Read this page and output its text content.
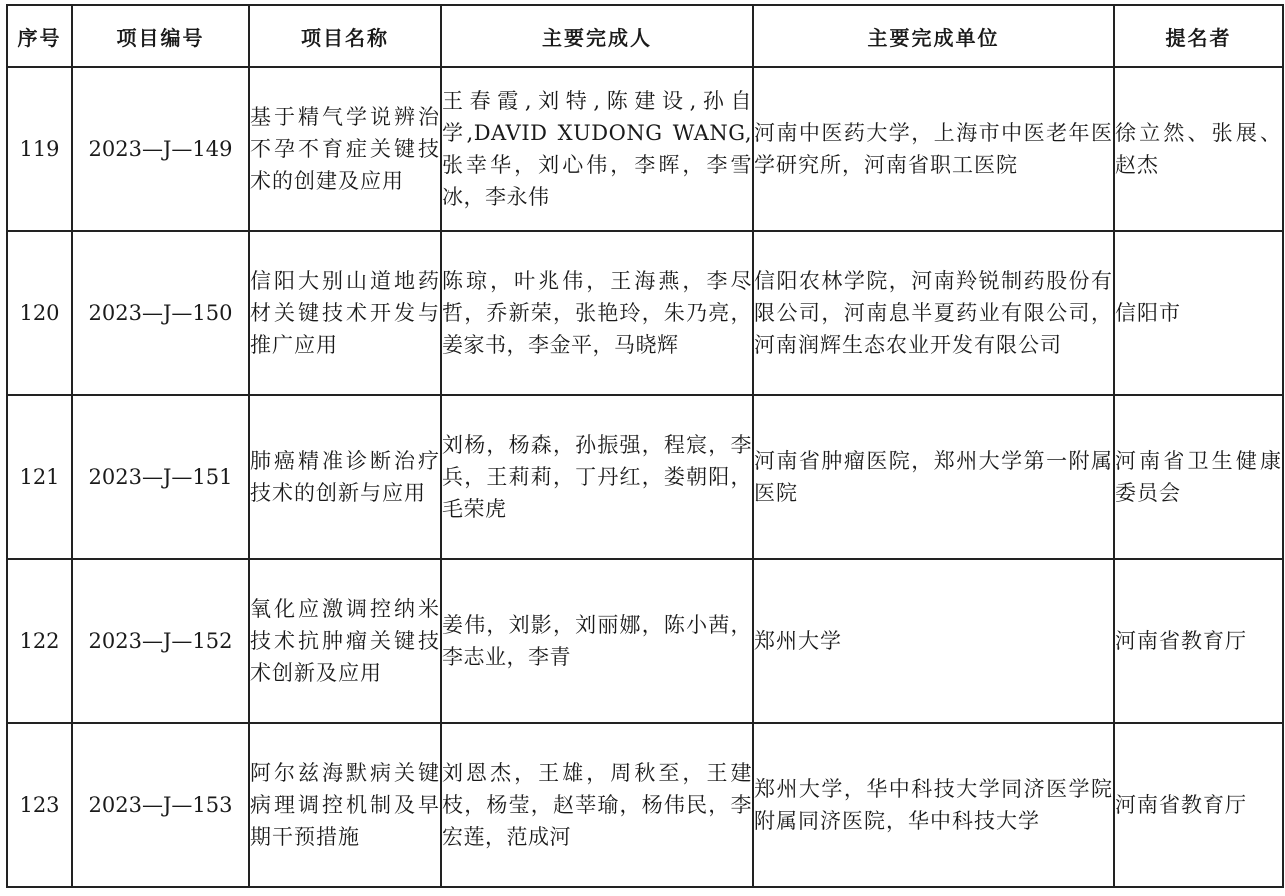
序号	项目编号	项目名称	主要完成人	主要完成单位	提名者
119	2023—J—149	基于精气学说辨治不孕不育症关键技术的创建及应用	王春霞,刘特,陈建设,孙自学,DAVID XUDONG WANG,张幸华，刘心伟，李晖，李雪冰，李永伟	河南中医药大学，上海市中医老年医学研究所，河南省职工医院	徐立然、张展、赵杰
120	2023—J—150	信阳大别山道地药材关键技术开发与推广应用	陈琼，叶兆伟，王海燕，李尽哲，乔新荣，张艳玲，朱乃亮，姜家书，李金平，马晓辉	信阳农林学院，河南羚锐制药股份有限公司，河南息半夏药业有限公司，河南润辉生态农业开发有限公司	信阳市
121	2023—J—151	肺癌精准诊断治疗技术的创新与应用	刘杨，杨森，孙振强，程宸，李兵，王莉莉，丁丹红，娄朝阳，毛荣虎	河南省肿瘤医院，郑州大学第一附属医院	河南省卫生健康委员会
122	2023—J—152	氧化应激调控纳米技术抗肿瘤关键技术创新及应用	姜伟，刘影，刘丽娜，陈小茜，李志业，李青	郑州大学	河南省教育厅
123	2023—J—153	阿尔兹海默病关键病理调控机制及早期干预措施	刘恩杰，王雄，周秋至，王建枝，杨莹，赵莘瑜，杨伟民，李宏莲，范成河	郑州大学，华中科技大学同济医学院附属同济医院，华中科技大学	河南省教育厅
